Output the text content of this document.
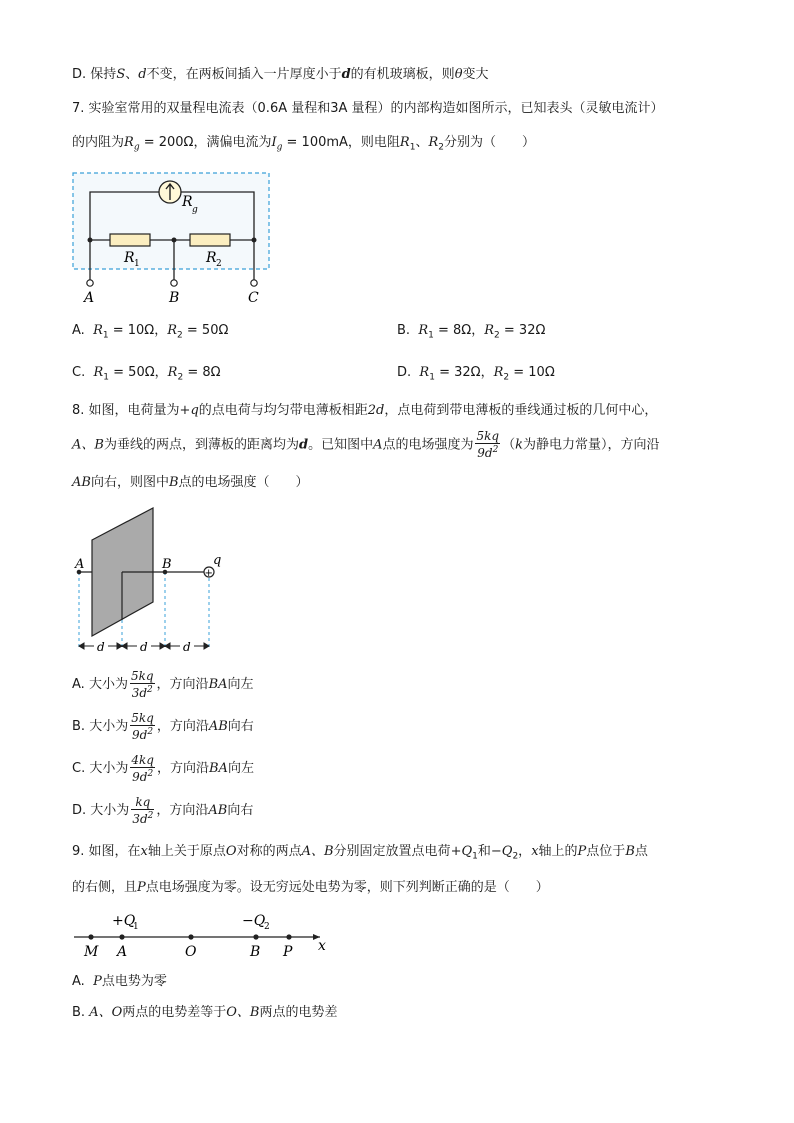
D. 保持S、d不变，在两板间插入一片厚度小于d的有机玻璃板，则θ变大
7. 实验室常用的双量程电流表（0.6A 量程和3A 量程）的内部构造如图所示，已知表头（灵敏电流计）
的内阻为$R_g = 200\Omega$，满偏电流为$I_g = 100mA$，则电阻$R_1$、$R_2$分别为（　　）
R g
R 1	R 2
A	B	C
A. $R_1 = 10\Omega$，$R_2 = 50\Omega$	B. $R_1 = 8\Omega$，$R_2 = 32\Omega$
C. $R_1 = 50\Omega$，$R_2 = 8\Omega$	D. $R_1 = 32\Omega$，$R_2 = 10\Omega$
8. 如图，电荷量为+q的点电荷与均匀带电薄板相距2d，点电荷到带电薄板的垂线通过板的几何中心，
A、B为垂线的两点，到薄板的距离均为d。已知图中A点的电场强度为 $\frac{5kq}{9d^2} (k$为静电力常量），方向沿
AB向右，则图中B点的电场强度（　　）
+
A	B	q
d	d	d
A. 大小为 $\frac{5kq}{3d^2}$ ，方向沿BA向左
B. 大小为 $\frac{5kq}{9d^2}$ ，方向沿AB向右
C. 大小为 $\frac{4kq}{9d^2}$ ，方向沿BA向左
D. 大小为 $\frac{kq}{3d^2}$ ，方向沿AB向右
9. 如图，在x轴上关于原点O对称的两点A、B分别固定放置点电荷$+Q_1$和$-Q_2$，x轴上的P点位于B点
的右侧，且P点电场强度为零。设无穷远处电势为零，则下列判断正确的是（　　）
+Q
1	−Q
2
M A	O	B P x
A. P点电势为零
B. A、O两点的电势差等于O、B两点的电势差
